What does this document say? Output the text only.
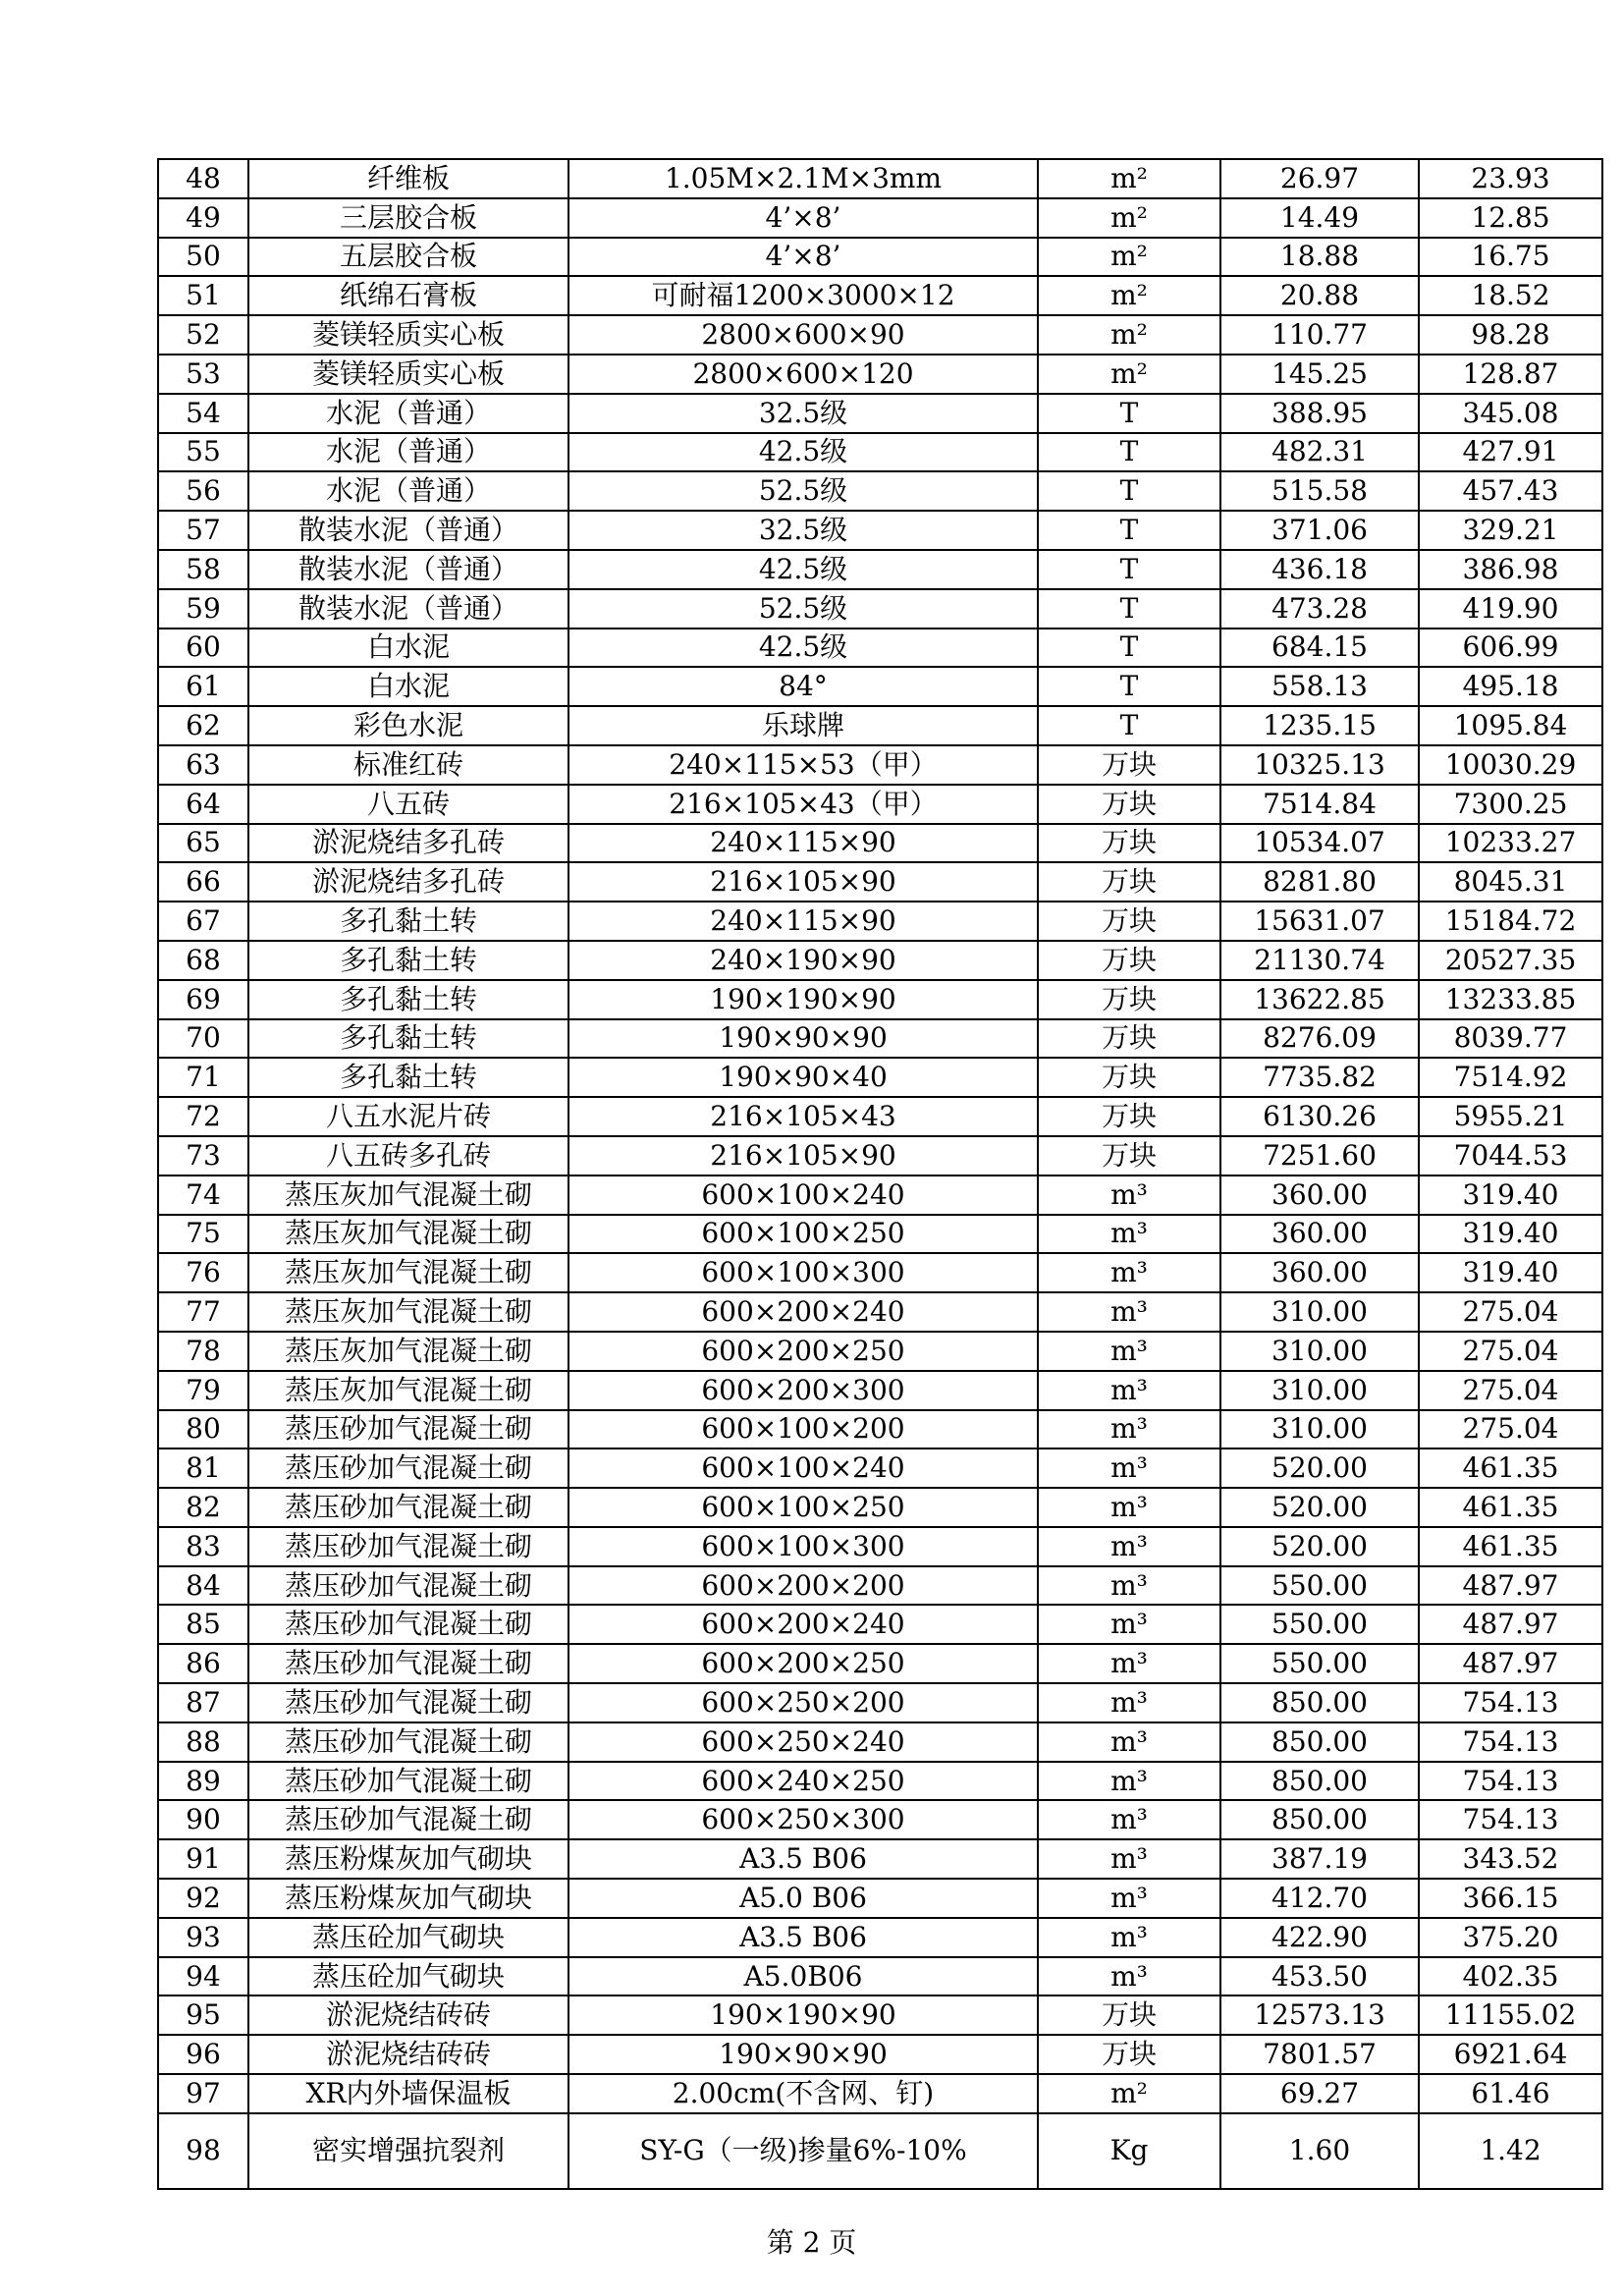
48	纤维板	1.05M×2.1M×3mm	m²	26.97	23.93
49	三层胶合板	4’×8’	m²	14.49	12.85
50	五层胶合板	4’×8’	m²	18.88	16.75
51	纸绵石膏板	可耐福1200×3000×12	m²	20.88	18.52
52	菱镁轻质实心板	2800×600×90	m²	110.77	98.28
53	菱镁轻质实心板	2800×600×120	m²	145.25	128.87
54	水泥（普通）	32.5级	T	388.95	345.08
55	水泥（普通）	42.5级	T	482.31	427.91
56	水泥（普通）	52.5级	T	515.58	457.43
57	散装水泥（普通）	32.5级	T	371.06	329.21
58	散装水泥（普通）	42.5级	T	436.18	386.98
59	散装水泥（普通）	52.5级	T	473.28	419.90
60	白水泥	42.5级	T	684.15	606.99
61	白水泥	84°	T	558.13	495.18
62	彩色水泥	乐球牌	T	1235.15	1095.84
63	标准红砖	240×115×53（甲）	万块	10325.13	10030.29
64	八五砖	216×105×43（甲）	万块	7514.84	7300.25
65	淤泥烧结多孔砖	240×115×90	万块	10534.07	10233.27
66	淤泥烧结多孔砖	216×105×90	万块	8281.80	8045.31
67	多孔黏土转	240×115×90	万块	15631.07	15184.72
68	多孔黏土转	240×190×90	万块	21130.74	20527.35
69	多孔黏土转	190×190×90	万块	13622.85	13233.85
70	多孔黏土转	190×90×90	万块	8276.09	8039.77
71	多孔黏土转	190×90×40	万块	7735.82	7514.92
72	八五水泥片砖	216×105×43	万块	6130.26	5955.21
73	八五砖多孔砖	216×105×90	万块	7251.60	7044.53
74	蒸压灰加气混凝土砌	600×100×240	m³	360.00	319.40
75	蒸压灰加气混凝土砌	600×100×250	m³	360.00	319.40
76	蒸压灰加气混凝土砌	600×100×300	m³	360.00	319.40
77	蒸压灰加气混凝土砌	600×200×240	m³	310.00	275.04
78	蒸压灰加气混凝土砌	600×200×250	m³	310.00	275.04
79	蒸压灰加气混凝土砌	600×200×300	m³	310.00	275.04
80	蒸压砂加气混凝土砌	600×100×200	m³	310.00	275.04
81	蒸压砂加气混凝土砌	600×100×240	m³	520.00	461.35
82	蒸压砂加气混凝土砌	600×100×250	m³	520.00	461.35
83	蒸压砂加气混凝土砌	600×100×300	m³	520.00	461.35
84	蒸压砂加气混凝土砌	600×200×200	m³	550.00	487.97
85	蒸压砂加气混凝土砌	600×200×240	m³	550.00	487.97
86	蒸压砂加气混凝土砌	600×200×250	m³	550.00	487.97
87	蒸压砂加气混凝土砌	600×250×200	m³	850.00	754.13
88	蒸压砂加气混凝土砌	600×250×240	m³	850.00	754.13
89	蒸压砂加气混凝土砌	600×240×250	m³	850.00	754.13
90	蒸压砂加气混凝土砌	600×250×300	m³	850.00	754.13
91	蒸压粉煤灰加气砌块	A3.5 B06	m³	387.19	343.52
92	蒸压粉煤灰加气砌块	A5.0 B06	m³	412.70	366.15
93	蒸压砼加气砌块	A3.5 B06	m³	422.90	375.20
94	蒸压砼加气砌块	A5.0B06	m³	453.50	402.35
95	淤泥烧结砖砖	190×190×90	万块	12573.13	11155.02
96	淤泥烧结砖砖	190×90×90	万块	7801.57	6921.64
97	XR内外墙保温板	2.00cm(不含网、钉)	m²	69.27	61.46
98	密实增强抗裂剂	SY-G（一级)掺量6%-10%	Kg	1.60	1.42
第 2 页
